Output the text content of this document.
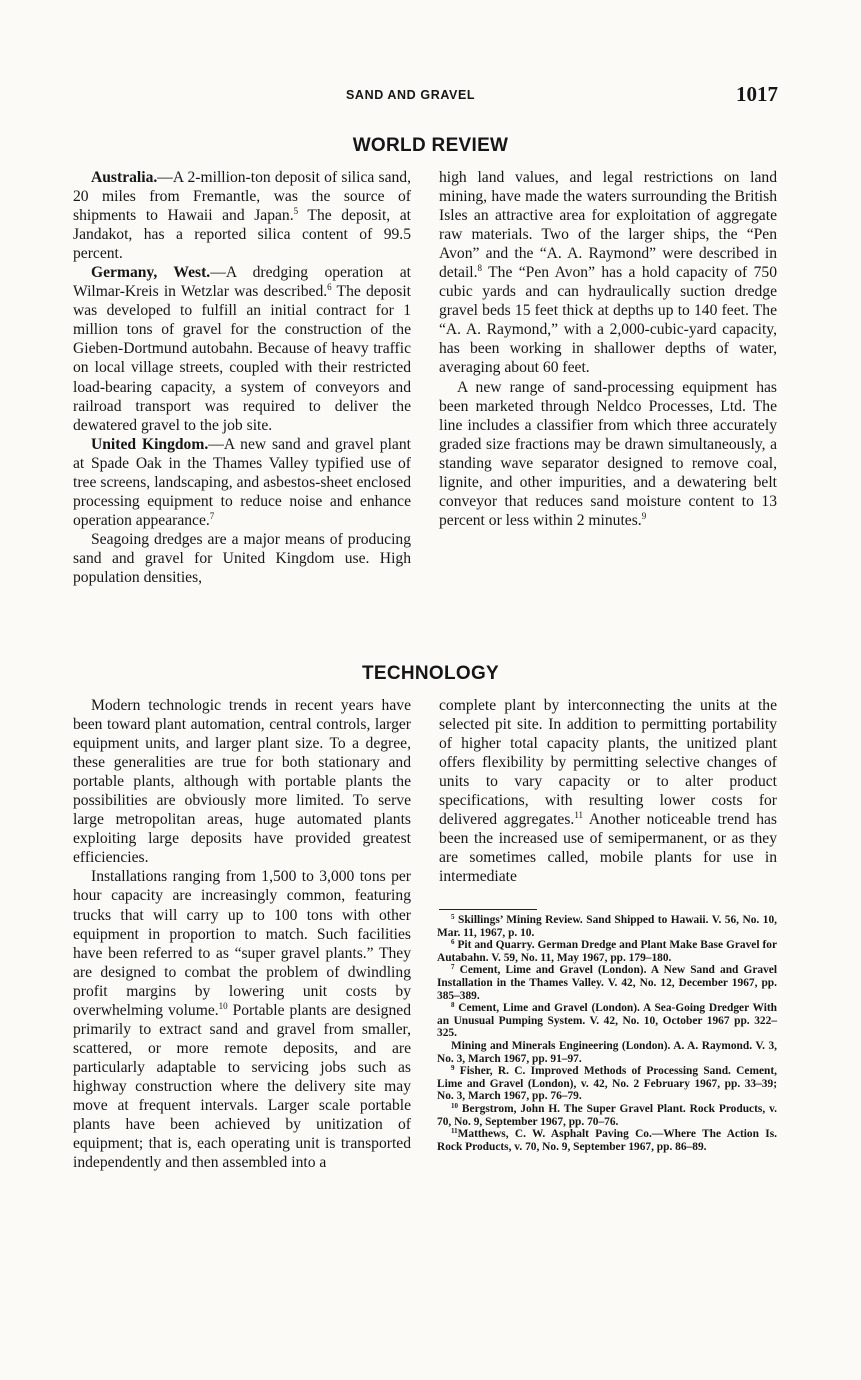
SAND AND GRAVEL	1017
WORLD REVIEW

Australia.—A 2-million-ton deposit of silica sand, 20 miles from Fremantle, was the source of shipments to Hawaii and Japan.$^5$ The deposit, at Jandakot, has a reported silica content of 99.5 percent.

Germany, West.—A dredging operation at Wilmar-Kreis in Wetzlar was described.$^6$ The deposit was developed to fulfill an initial contract for 1 million tons of gravel for the construction of the Gieben-Dortmund autobahn. Because of heavy traffic on local village streets, coupled with their restricted load-bearing capacity, a system of conveyors and railroad transport was required to deliver the dewatered gravel to the job site.

United Kingdom.—A new sand and gravel plant at Spade Oak in the Thames Valley typified use of tree screens, landscaping, and asbestos-sheet enclosed processing equipment to reduce noise and enhance operation appearance.$^7$

Seagoing dredges are a major means of producing sand and gravel for United Kingdom use. High population densities,

high land values, and legal restrictions on land mining, have made the waters surrounding the British Isles an attractive area for exploitation of aggregate raw materials. Two of the larger ships, the “Pen Avon” and the “A. A. Raymond” were described in detail.$^8$ The “Pen Avon” has a hold capacity of 750 cubic yards and can hydraulically suction dredge gravel beds 15 feet thick at depths up to 140 feet. The “A. A. Raymond,” with a 2,000-cubic-yard capacity, has been working in shallower depths of water, averaging about 60 feet.

A new range of sand-processing equipment has been marketed through Neldco Processes, Ltd. The line includes a classifier from which three accurately graded size fractions may be drawn simultaneously, a standing wave separator designed to remove coal, lignite, and other impurities, and a dewatering belt conveyor that reduces sand moisture content to 13 percent or less within 2 minutes.$^9$

TECHNOLOGY

Modern technologic trends in recent years have been toward plant automation, central controls, larger equipment units, and larger plant size. To a degree, these generalities are true for both stationary and portable plants, although with portable plants the possibilities are obviously more limited. To serve large metropolitan areas, huge automated plants exploiting large deposits have provided greatest efficiencies.

Installations ranging from 1,500 to 3,000 tons per hour capacity are increasingly common, featuring trucks that will carry up to 100 tons with other equipment in proportion to match. Such facilities have been referred to as “super gravel plants.” They are designed to combat the problem of dwindling profit margins by lowering unit costs by overwhelming volume.$^{10}$ Portable plants are designed primarily to extract sand and gravel from smaller, scattered, or more remote deposits, and are particularly adaptable to servicing jobs such as highway construction where the delivery site may move at frequent intervals. Larger scale portable plants have been achieved by unitization of equipment; that is, each operating unit is transported independently and then assembled into a

complete plant by interconnecting the units at the selected pit site. In addition to permitting portability of higher total capacity plants, the unitized plant offers flexibility by permitting selective changes of units to vary capacity or to alter product specifications, with resulting lower costs for delivered aggregates.$^{11}$ Another noticeable trend has been the increased use of semipermanent, or as they are sometimes called, mobile plants for use in intermediate

$^5$ Skillings’ Mining Review. Sand Shipped to Hawaii. V. 56, No. 10, Mar. 11, 1967, p. 10.

$^6$ Pit and Quarry. German Dredge and Plant Make Base Gravel for Autabahn. V. 59, No. 11, May 1967, pp. 179–180.

$^7$ Cement, Lime and Gravel (London). A New Sand and Gravel Installation in the Thames Valley. V. 42, No. 12, December 1967, pp. 385–389.

$^8$ Cement, Lime and Gravel (London). A Sea-Going Dredger With an Unusual Pumping System. V. 42, No. 10, October 1967 pp. 322–325.

Mining and Minerals Engineering (London). A. A. Raymond. V. 3, No. 3, March 1967, pp. 91–97.

$^9$ Fisher, R. C. Improved Methods of Processing Sand. Cement, Lime and Gravel (London), v. 42, No. 2 February 1967, pp. 33–39; No. 3, March 1967, pp. 76–79.

$^{10}$ Bergstrom, John H. The Super Gravel Plant. Rock Products, v. 70, No. 9, September 1967, pp. 70–76.

$^{11}$Matthews, C. W. Asphalt Paving Co.—Where The Action Is. Rock Products, v. 70, No. 9, September 1967, pp. 86–89.
